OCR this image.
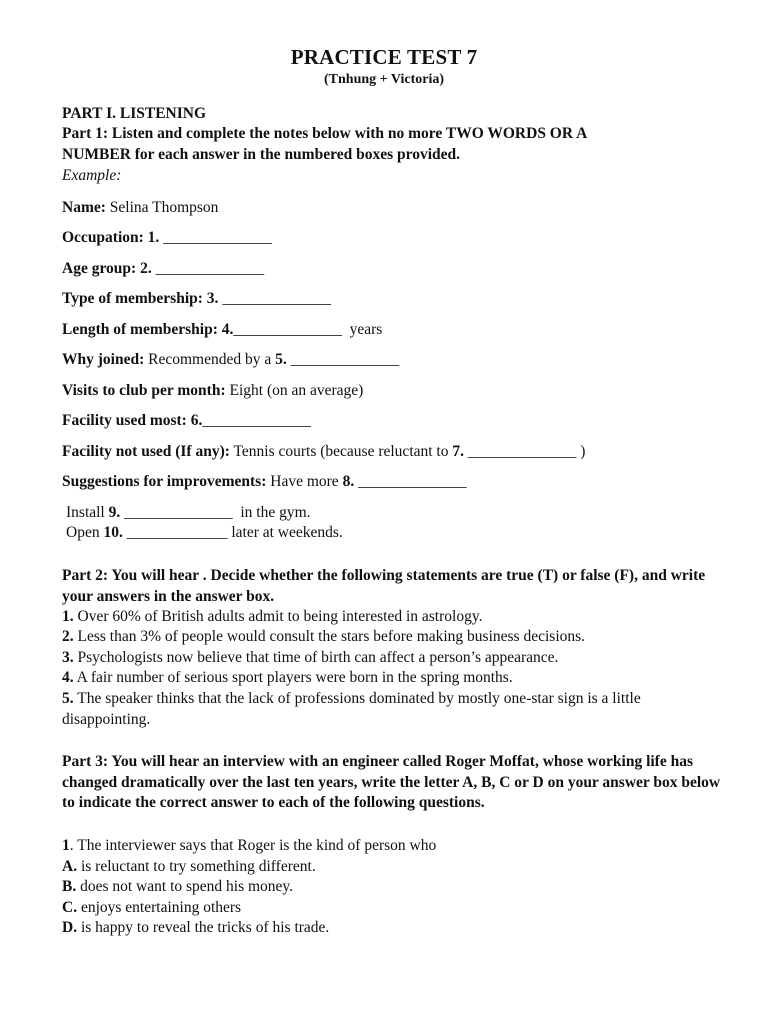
PRACTICE TEST 7
(Tnhung + Victoria)
PART I. LISTENING
Part 1: Listen and complete the notes below with no more TWO WORDS OR A
NUMBER for each answer in the numbered boxes provided.
Example:
Name: Selina Thompson
Occupation: 1. ______________
Age group: 2. ______________
Type of membership: 3. ______________
Length of membership: 4.______________ years
Why joined: Recommended by a 5. ______________
Visits to club per month: Eight (on an average)
Facility used most: 6.______________
Facility not used (If any): Tennis courts (because reluctant to 7. ______________ )
Suggestions for improvements: Have more 8. ______________
Install 9. ______________ in the gym.
Open 10. _____________ later at weekends.
Part 2: You will hear . Decide whether the following statements are true (T) or false (F), and write your answers in the answer box.
1. Over 60% of British adults admit to being interested in astrology.
2. Less than 3% of people would consult the stars before making business decisions.
3. Psychologists now believe that time of birth can affect a person’s appearance.
4. A fair number of serious sport players were born in the spring months.
5. The speaker thinks that the lack of professions dominated by mostly one-star sign is a little disappointing.
Part 3: You will hear an interview with an engineer called Roger Moffat, whose working life has changed dramatically over the last ten years, write the letter A, B, C or D on your answer box below to indicate the correct answer to each of the following questions.
1. The interviewer says that Roger is the kind of person who
A. is reluctant to try something different.
B. does not want to spend his money.
C. enjoys entertaining others
D. is happy to reveal the tricks of his trade.
